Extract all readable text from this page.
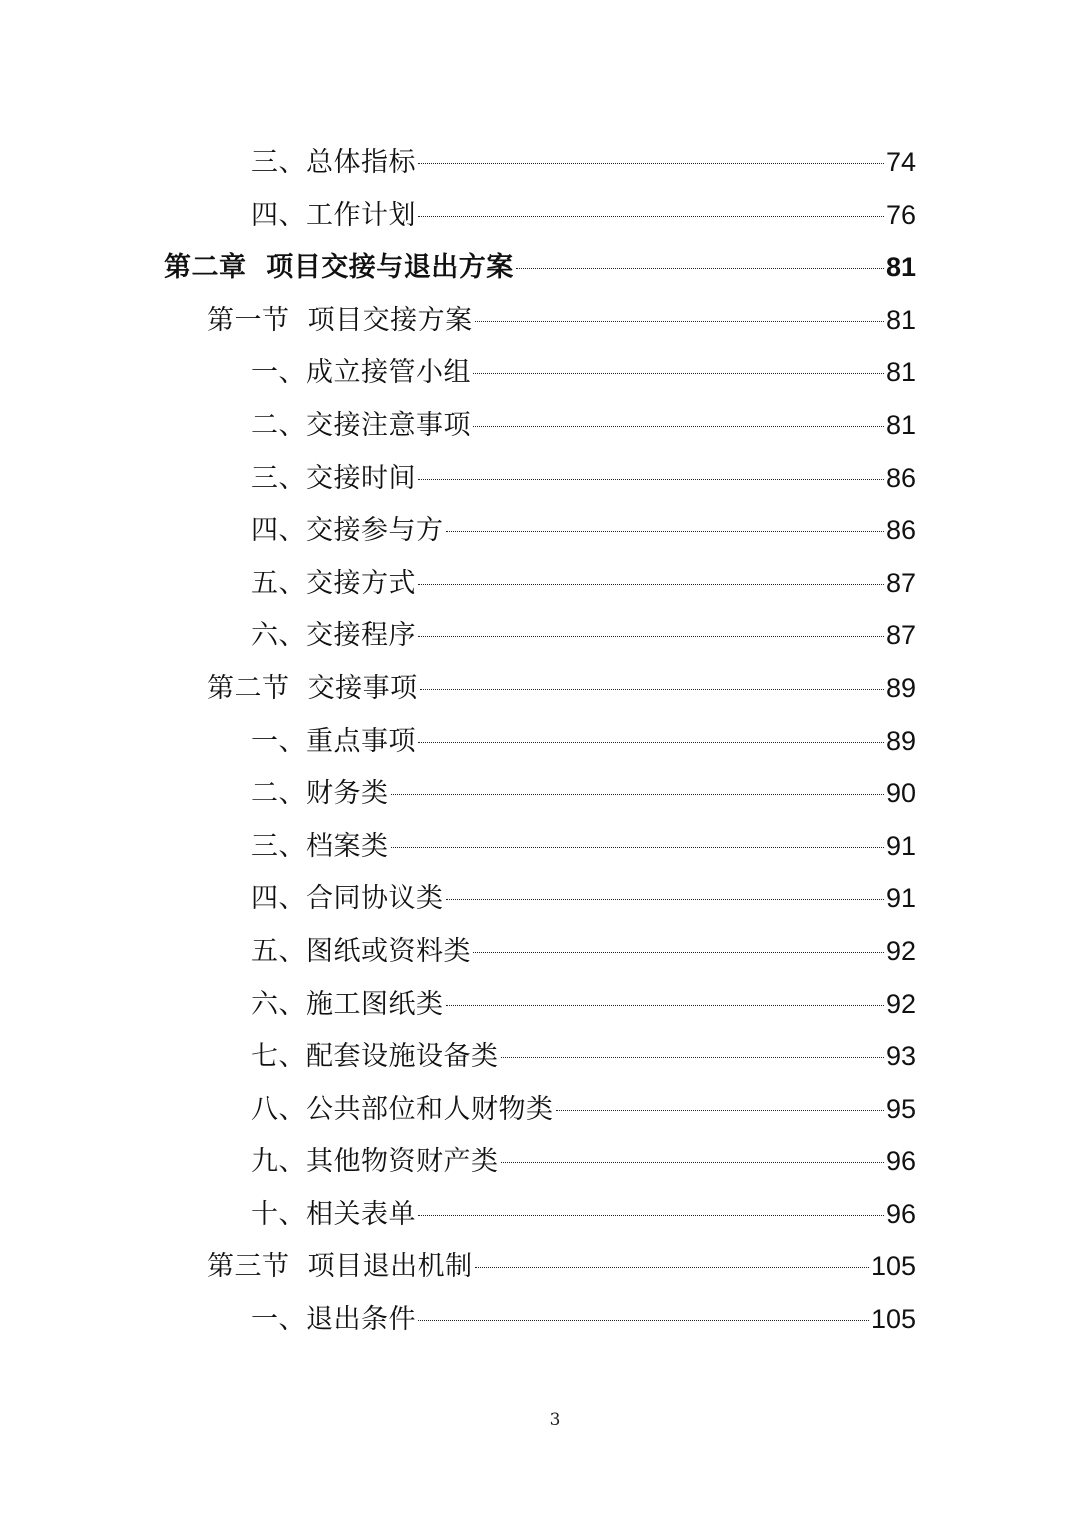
三、总体指标	74
四、工作计划	76
第二章  项目交接与退出方案	81
第一节  项目交接方案	81
一、成立接管小组	81
二、交接注意事项	81
三、交接时间	86
四、交接参与方	86
五、交接方式	87
六、交接程序	87
第二节  交接事项	89
一、重点事项	89
二、财务类	90
三、档案类	91
四、合同协议类	91
五、图纸或资料类	92
六、施工图纸类	92
七、配套设施设备类	93
八、公共部位和人财物类	95
九、其他物资财产类	96
十、相关表单	96
第三节  项目退出机制	105
一、退出条件	105
3
